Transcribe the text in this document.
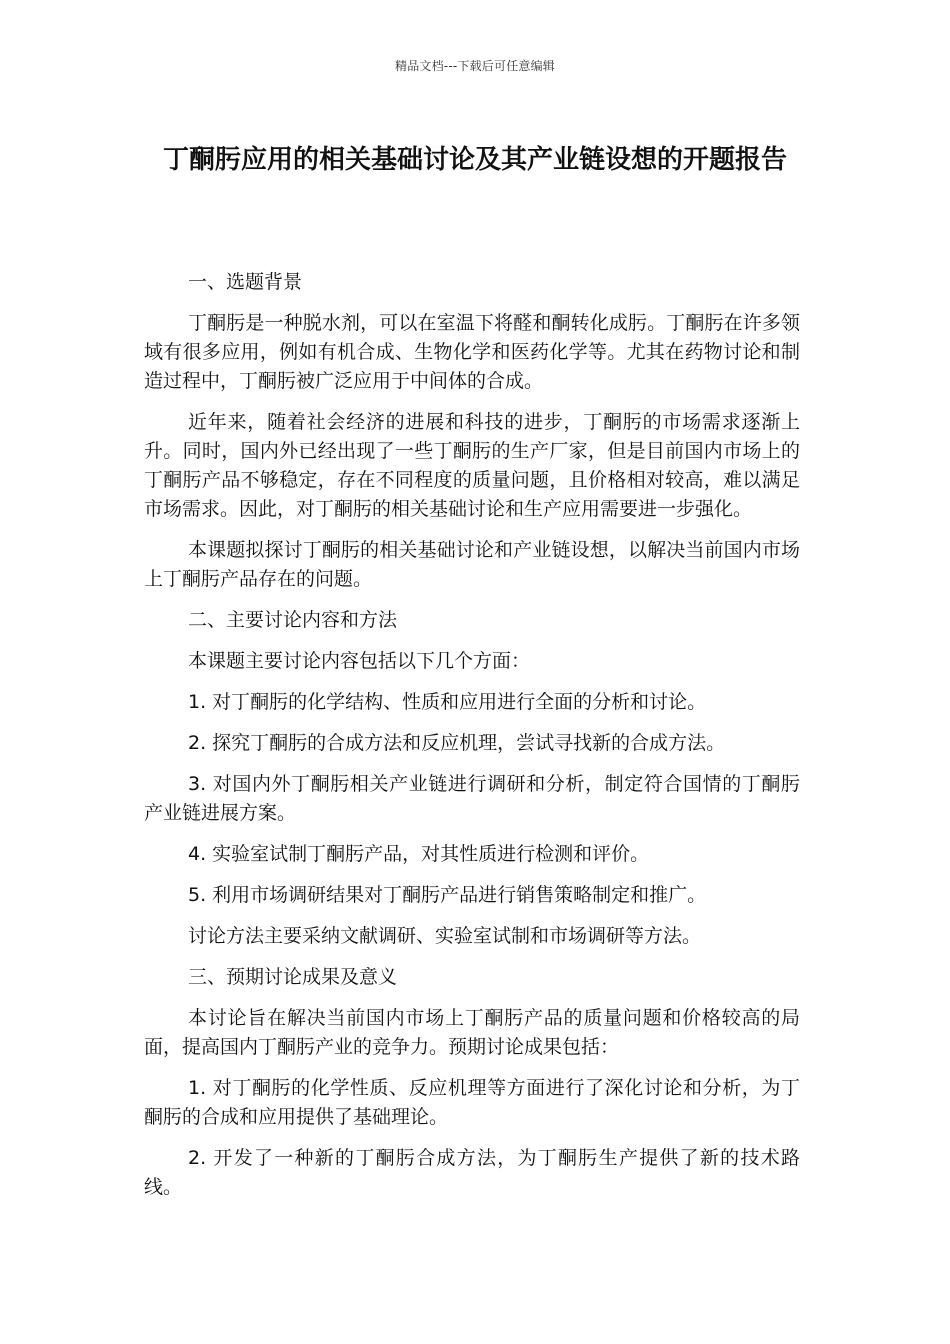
精品文档---下载后可任意编辑
丁酮肟应用的相关基础讨论及其产业链设想的开题报告
一、选题背景

丁酮肟是一种脱水剂，可以在室温下将醛和酮转化成肟。丁酮肟在许多领域有很多应用，例如有机合成、生物化学和医药化学等。尤其在药物讨论和制造过程中，丁酮肟被广泛应用于中间体的合成。

近年来，随着社会经济的进展和科技的进步，丁酮肟的市场需求逐渐上升。同时，国内外已经出现了一些丁酮肟的生产厂家，但是目前国内市场上的丁酮肟产品不够稳定，存在不同程度的质量问题，且价格相对较高，难以满足市场需求。因此，对丁酮肟的相关基础讨论和生产应用需要进一步强化。

本课题拟探讨丁酮肟的相关基础讨论和产业链设想，以解决当前国内市场上丁酮肟产品存在的问题。

二、主要讨论内容和方法

本课题主要讨论内容包括以下几个方面：

1. 对丁酮肟的化学结构、性质和应用进行全面的分析和讨论。

2. 探究丁酮肟的合成方法和反应机理，尝试寻找新的合成方法。

3. 对国内外丁酮肟相关产业链进行调研和分析，制定符合国情的丁酮肟产业链进展方案。

4. 实验室试制丁酮肟产品，对其性质进行检测和评价。

5. 利用市场调研结果对丁酮肟产品进行销售策略制定和推广。

讨论方法主要采纳文献调研、实验室试制和市场调研等方法。

三、预期讨论成果及意义

本讨论旨在解决当前国内市场上丁酮肟产品的质量问题和价格较高的局面，提高国内丁酮肟产业的竞争力。预期讨论成果包括：

1. 对丁酮肟的化学性质、反应机理等方面进行了深化讨论和分析，为丁酮肟的合成和应用提供了基础理论。

2. 开发了一种新的丁酮肟合成方法，为丁酮肟生产提供了新的技术路线。
